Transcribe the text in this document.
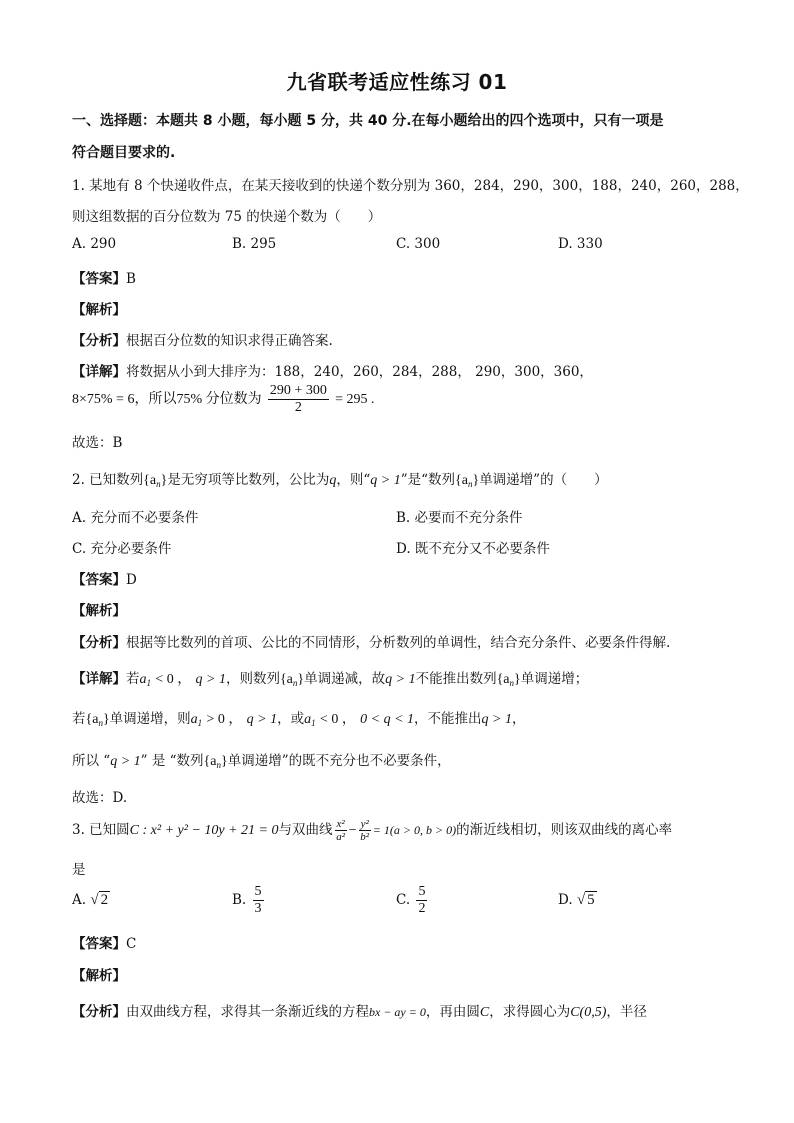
九省联考适应性练习 01
一、选择题：本题共 8 小题，每小题 5 分，共 40 分.在每小题给出的四个选项中，只有一项是
符合题目要求的.
1. 某地有 8 个快递收件点，在某天接收到的快递个数分别为 360，284，290，300，188，240，260，288，
则这组数据的百分位数为 75 的快递个数为（　　）
A. 290	B. 295	C. 300	D. 330
【答案】B
【解析】
【分析】根据百分位数的知识求得正确答案.
【详解】将数据从小到大排序为：188，240，260，284，288， 290，300，360，
8×75% = 6，所以75% 分位数为 $\frac{290 + 300}{2} = 295$ .
故选：B
2. 已知数列$\{a_n\}$是无穷项等比数列，公比为q，则“q > 1”是“数列$\{a_n\}$单调递增”的（　　）
A. 充分而不必要条件	B. 必要而不充分条件
C. 充分必要条件	D. 既不充分又不必要条件
【答案】D
【解析】
【分析】根据等比数列的首项、公比的不同情形，分析数列的单调性，结合充分条件、必要条件得解.
【详解】若$a_1 < 0$ ， q > 1，则数列$\{a_n\}$单调递减，故q > 1不能推出数列$\{a_n\}$单调递增；
若$\{a_n\}$单调递增，则$a_1 > 0$ ， q > 1，或$a_1 < 0$ ， 0 < q < 1，不能推出q > 1，
所以 “q > 1” 是 “数列$\{a_n\}$单调递增”的既不充分也不必要条件，
故选：D.
3. 已知圆C : x² + y² − 10y + 21 = 0与双曲线 $\frac{\text{x²}}{\text{a²}} - \frac{\text{y²}}{\text{b²}} = 1(a > 0$, b > 0)的渐近线相切，则该双曲线的离心率
是
A. √ 2	B. $\frac{5}{3}$	C. $\frac{5}{2}$	D. √ 5
【答案】C
【解析】
【分析】由双曲线方程，求得其一条渐近线的方程bx − ay = 0，再由圆C，求得圆心为C(0,5)，半径
